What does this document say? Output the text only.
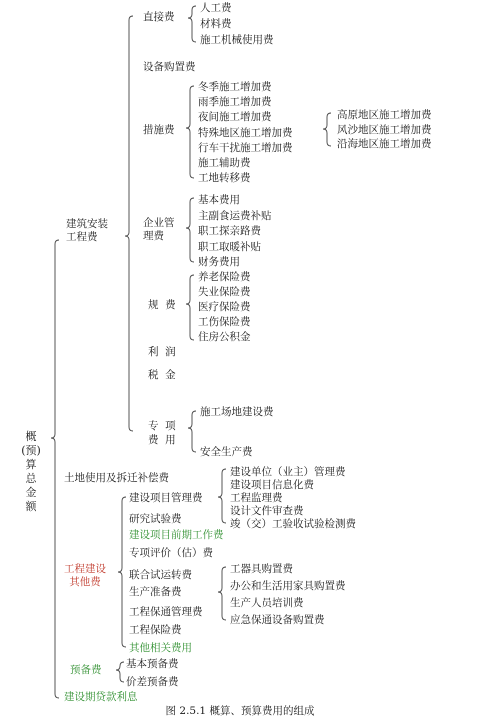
概
(预)
算
总
金
额
建筑安装
工程费
土地使用及拆迁补偿费
工程建设
其他费
预备费
建设期贷款利息
直接费
设备购置费
措施费
企业管
理费
规  费
利  润
税  金
专  项
费  用
人工费
材料费
施工机械使用费
冬季施工增加费
雨季施工增加费
夜间施工增加费
特殊地区施工增加费
行车干扰施工增加费
施工辅助费
工地转移费
高原地区施工增加费
风沙地区施工增加费
沿海地区施工增加费
基本费用
主副食运费补贴
职工探亲路费
职工取暖补贴
财务费用
养老保险费
失业保险费
医疗保险费
工伤保险费
住房公积金
施工场地建设费
安全生产费
建设项目管理费
研究试验费
建设项目前期工作费
专项评价（估）费
联合试运转费
生产准备费
工程保通管理费
工程保险费
其他相关费用
建设单位（业主）管理费
建设项目信息化费
工程监理费
设计文件审查费
竣（交）工验收试验检测费
工器具购置费
办公和生活用家具购置费
生产人员培训费
应急保通设备购置费
基本预备费
价差预备费
图 2.5.1 概算、预算费用的组成
